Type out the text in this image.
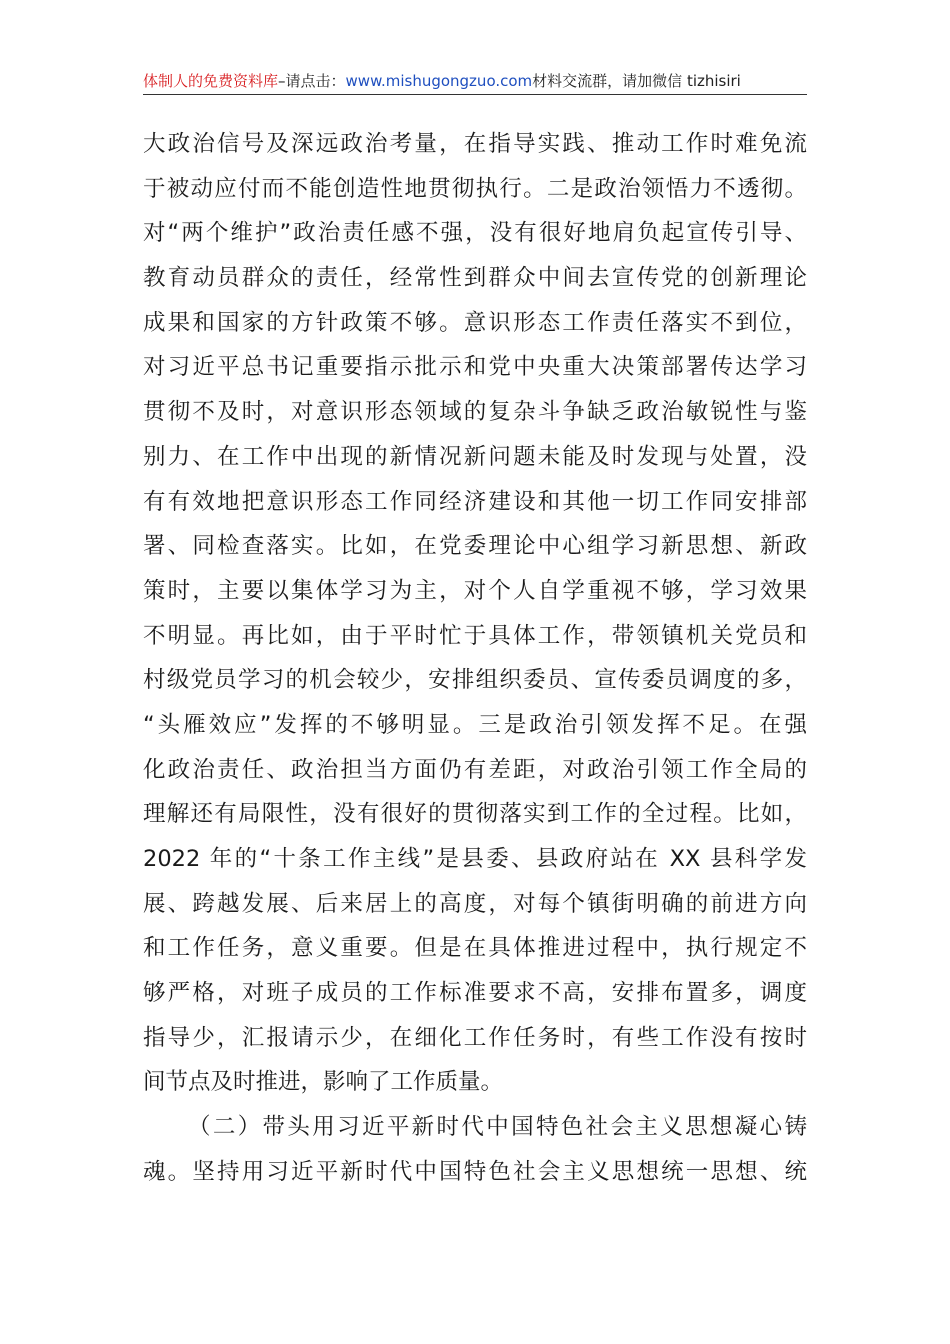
体制人的免费资料库–请点击：www.mishugongzuo.com材料交流群，请加微信 tizhisiri
大政治信号及深远政治考量，在指导实践、推动工作时难免流
于被动应付而不能创造性地贯彻执行。二是政治领悟力不透彻。
对“两个维护”政治责任感不强，没有很好地肩负起宣传引导、
教育动员群众的责任，经常性到群众中间去宣传党的创新理论
成果和国家的方针政策不够。意识形态工作责任落实不到位，
对习近平总书记重要指示批示和党中央重大决策部署传达学习
贯彻不及时，对意识形态领域的复杂斗争缺乏政治敏锐性与鉴
别力、在工作中出现的新情况新问题未能及时发现与处置，没
有有效地把意识形态工作同经济建设和其他一切工作同安排部
署、同检查落实。比如，在党委理论中心组学习新思想、新政
策时，主要以集体学习为主，对个人自学重视不够，学习效果
不明显。再比如，由于平时忙于具体工作，带领镇机关党员和
村级党员学习的机会较少，安排组织委员、宣传委员调度的多，
“头雁效应”发挥的不够明显。三是政治引领发挥不足。在强
化政治责任、政治担当方面仍有差距，对政治引领工作全局的
理解还有局限性，没有很好的贯彻落实到工作的全过程。比如，
2022 年的“十条工作主线”是县委、县政府站在 XX 县科学发
展、跨越发展、后来居上的高度，对每个镇街明确的前进方向
和工作任务，意义重要。但是在具体推进过程中，执行规定不
够严格，对班子成员的工作标准要求不高，安排布置多，调度
指导少，汇报请示少，在细化工作任务时，有些工作没有按时
间节点及时推进，影响了工作质量。
（二）带头用习近平新时代中国特色社会主义思想凝心铸
魂。坚持用习近平新时代中国特色社会主义思想统一思想、统
